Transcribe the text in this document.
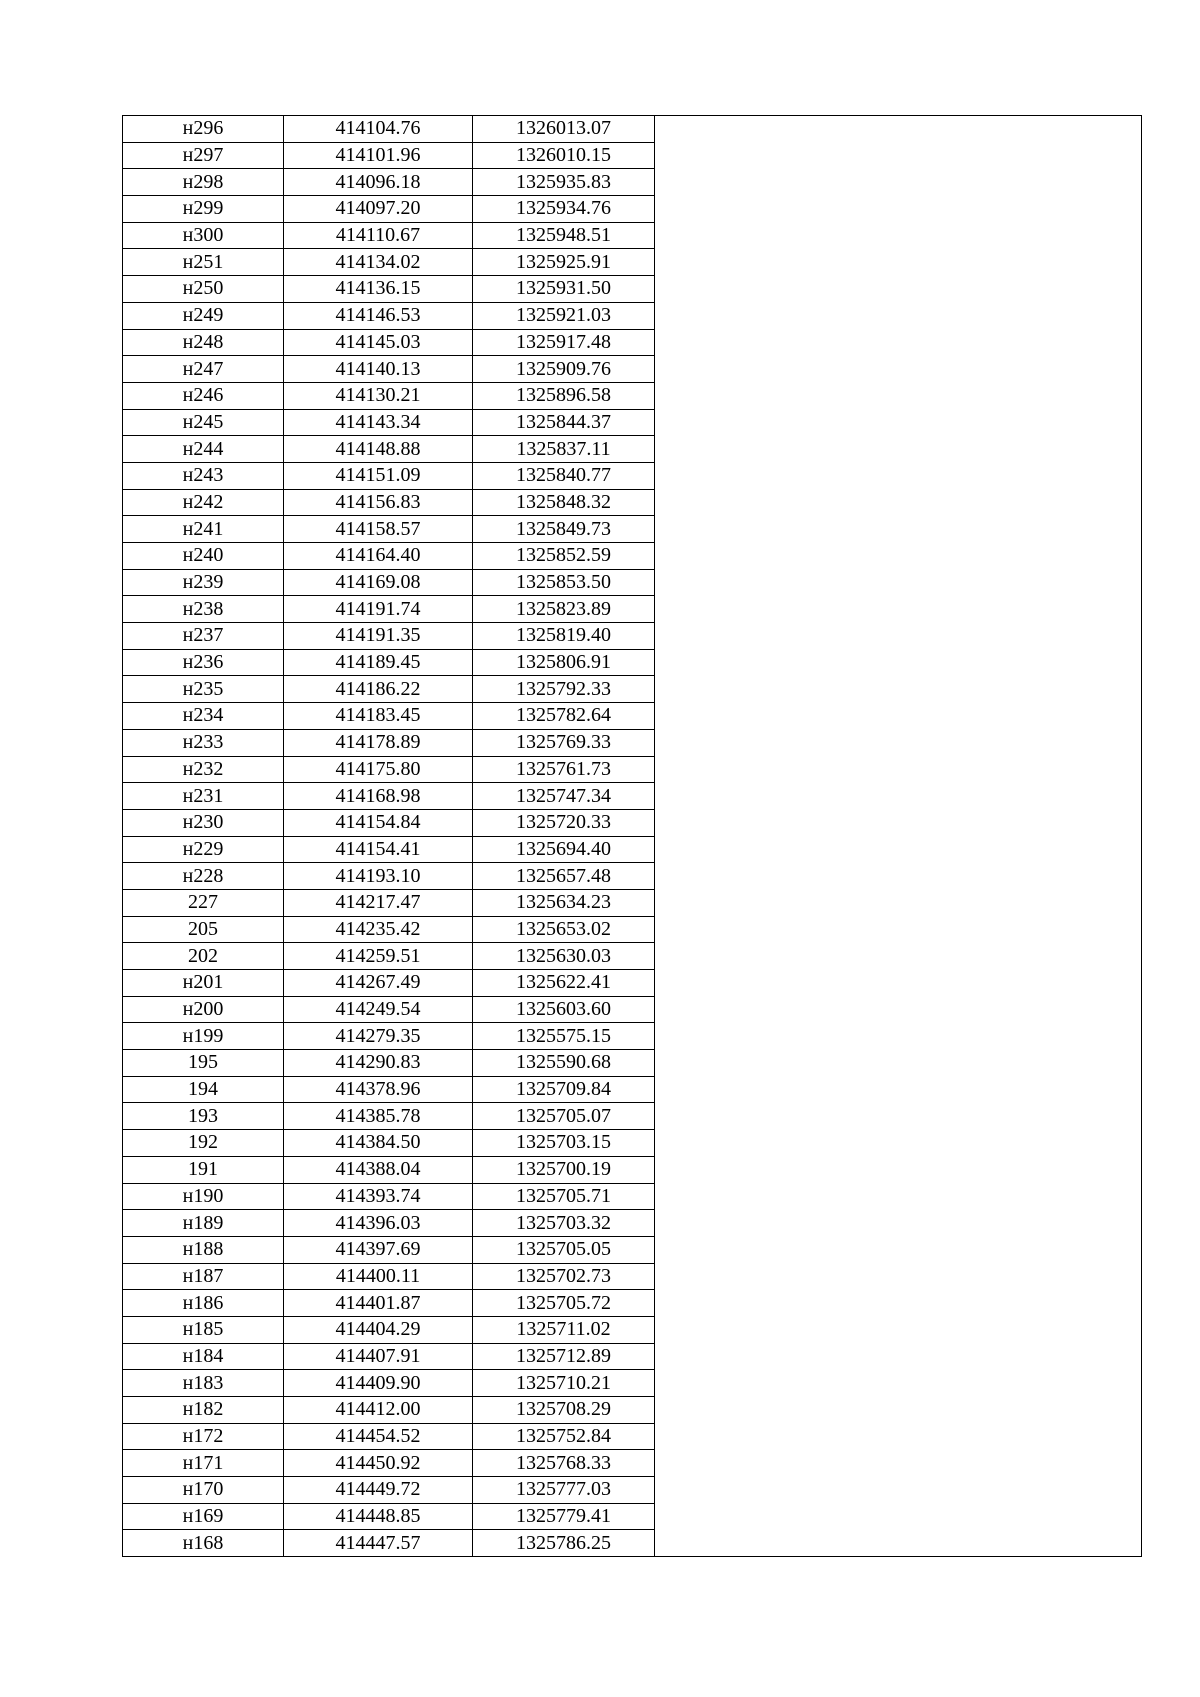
н296	414104.76	1326013.07	
н297	414101.96	1326010.15	
н298	414096.18	1325935.83	
н299	414097.20	1325934.76	
н300	414110.67	1325948.51	
н251	414134.02	1325925.91	
н250	414136.15	1325931.50	
н249	414146.53	1325921.03	
н248	414145.03	1325917.48	
н247	414140.13	1325909.76	
н246	414130.21	1325896.58	
н245	414143.34	1325844.37	
н244	414148.88	1325837.11	
н243	414151.09	1325840.77	
н242	414156.83	1325848.32	
н241	414158.57	1325849.73	
н240	414164.40	1325852.59	
н239	414169.08	1325853.50	
н238	414191.74	1325823.89	
н237	414191.35	1325819.40	
н236	414189.45	1325806.91	
н235	414186.22	1325792.33	
н234	414183.45	1325782.64	
н233	414178.89	1325769.33	
н232	414175.80	1325761.73	
н231	414168.98	1325747.34	
н230	414154.84	1325720.33	
н229	414154.41	1325694.40	
н228	414193.10	1325657.48	
227	414217.47	1325634.23	
205	414235.42	1325653.02	
202	414259.51	1325630.03	
н201	414267.49	1325622.41	
н200	414249.54	1325603.60	
н199	414279.35	1325575.15	
195	414290.83	1325590.68	
194	414378.96	1325709.84	
193	414385.78	1325705.07	
192	414384.50	1325703.15	
191	414388.04	1325700.19	
н190	414393.74	1325705.71	
н189	414396.03	1325703.32	
н188	414397.69	1325705.05	
н187	414400.11	1325702.73	
н186	414401.87	1325705.72	
н185	414404.29	1325711.02	
н184	414407.91	1325712.89	
н183	414409.90	1325710.21	
н182	414412.00	1325708.29	
н172	414454.52	1325752.84	
н171	414450.92	1325768.33	
н170	414449.72	1325777.03	
н169	414448.85	1325779.41	
н168	414447.57	1325786.25	
